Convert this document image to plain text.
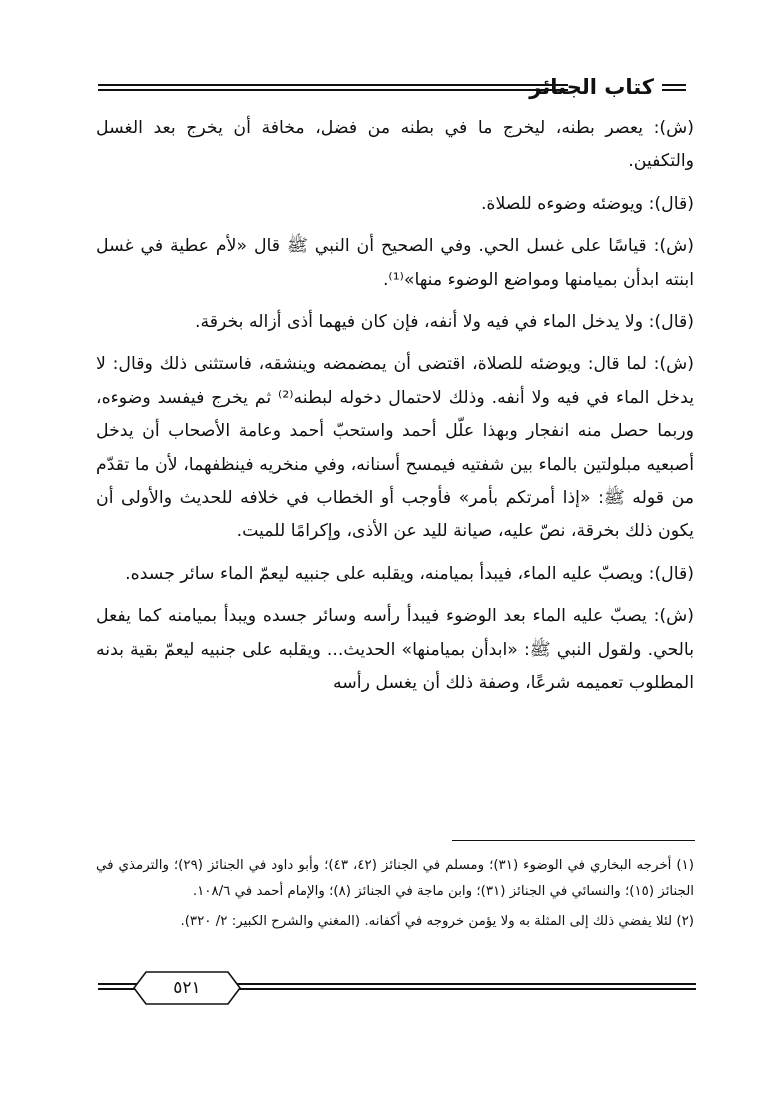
كتاب الجنائز

(ش): يعصر بطنه، ليخرج ما في بطنه من فضل، مخافة أن يخرج بعد الغسل والتكفين.

(قال): ويوضئه وضوءه للصلاة.

(ش): قياسًا على غسل الحي. وفي الصحيح أن النبي ﷺ قال «لأم عطية في غسل ابنته ابدأن بميامنها ومواضع الوضوء منها»⁽¹⁾.

(قال): ولا يدخل الماء في فيه ولا أنفه، فإن كان فيهما أذى أزاله بخرقة.

(ش): لما قال: ويوضئه للصلاة، اقتضى أن يمضمضه وينشقه، فاستثنى ذلك وقال: لا يدخل الماء في فيه ولا أنفه. وذلك لاحتمال دخوله لبطنه⁽²⁾ ثم يخرج فيفسد وضوءه، وربما حصل منه انفجار وبهذا علّل أحمد واستحبّ أحمد وعامة الأصحاب أن يدخل أصبعيه مبلولتين بالماء بين شفتيه فيمسح أسنانه، وفي منخريه فينظفهما، لأن ما تقدّم من قوله ﷺ: «إذا أمرتكم بأمر» فأوجب أو الخطاب في خلافه للحديث والأولى أن يكون ذلك بخرقة، نصّ عليه، صيانة لليد عن الأذى، وإكرامًا للميت.

(قال): ويصبّ عليه الماء، فيبدأ بميامنه، ويقلبه على جنبيه ليعمّ الماء سائر جسده.

(ش): يصبّ عليه الماء بعد الوضوء فيبدأ رأسه وسائر جسده ويبدأ بميامنه كما يفعل بالحي. ولقول النبي ﷺ: «ابدأن بميامنها» الحديث... ويقلبه على جنبيه ليعمّ بقية بدنه المطلوب تعميمه شرعًا، وصفة ذلك أن يغسل رأسه

(١) أخرجه البخاري في الوضوء (٣١)؛ ومسلم في الجنائز (٤٢، ٤٣)؛ وأبو داود في الجنائز (٢٩)؛ والترمذي في الجنائز (١٥)؛ والنسائي في الجنائز (٣١)؛ وابن ماجة في الجنائز (٨)؛ والإمام أحمد في ١٠٨/٦.

(٢) لئلا يفضي ذلك إلى المثلة به ولا يؤمن خروجه في أكفانه. (المغني والشرح الكبير: ٢/ ٣٢٠).

٥٢١
